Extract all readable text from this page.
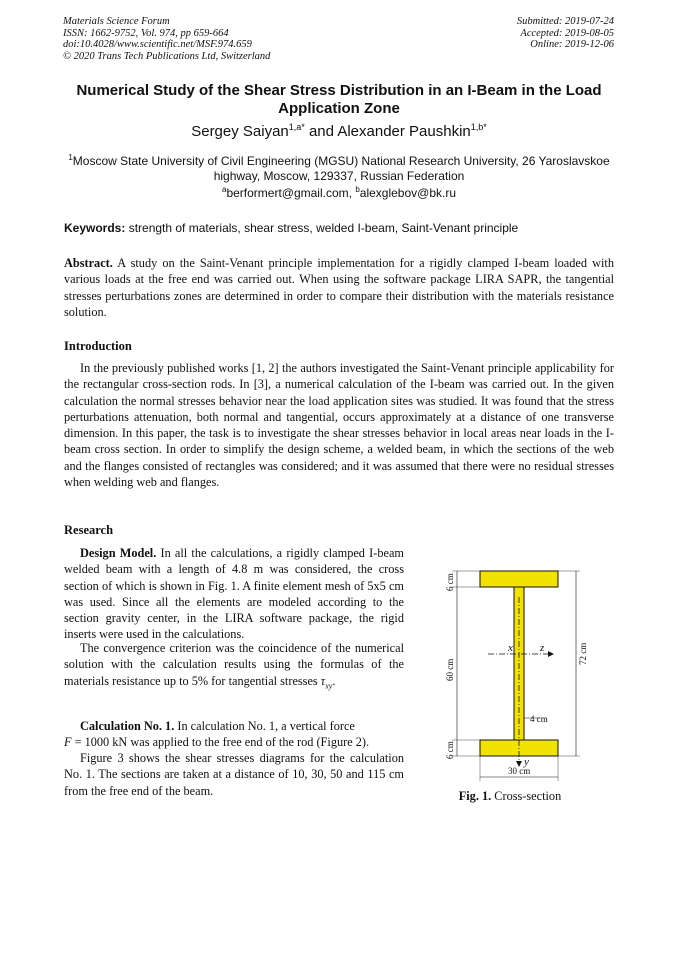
Materials Science Forum
ISSN: 1662-9752, Vol. 974, pp 659-664
doi:10.4028/www.scientific.net/MSF.974.659
© 2020 Trans Tech Publications Ltd, Switzerland
Submitted: 2019-07-24
Accepted: 2019-08-05
Online: 2019-12-06
Numerical Study of the Shear Stress Distribution in an I-Beam in the Load Application Zone
Sergey Saiyan$^{1,a*}$ and Alexander Paushkin$^{1,b*}$
$^1$Moscow State University of Civil Engineering (MGSU) National Research University, 26 Yaroslavskoe highway, Moscow, 129337, Russian Federation
$^a$berformert@gmail.com, $^b$alexglebov@bk.ru
Keywords: strength of materials, shear stress, welded I-beam, Saint-Venant principle

Abstract. A study on the Saint-Venant principle implementation for a rigidly clamped I-beam loaded with various loads at the free end was carried out. When using the software package LIRA SAPR, the tangential stresses perturbations zones are determined in order to compare their distribution with the materials resistance solution.

Introduction

In the previously published works [1, 2] the authors investigated the Saint-Venant principle applicability for the rectangular cross-section rods. In [3], a numerical calculation of the I-beam was carried out. In the given calculation the normal stresses behavior near the load application sites was studied. It was found that the stress perturbations attenuation, both normal and tangential, occurs approximately at a distance of one transverse dimension. In this paper, the task is to investigate the shear stresses behavior in local areas near loads in the I-beam cross section. In order to simplify the design scheme, a welded beam, in which the sections of the web and the flanges consisted of rectangles was considered; and it was assumed that there were no residual stresses when welding web and flanges.

Research

Design Model. In all the calculations, a rigidly clamped I-beam welded beam with a length of 4.8 m was considered, the cross section of which is shown in Fig. 1. A finite element mesh of 5x5 cm was used. Since all the elements are modeled according to the section gravity center, in the LIRA software package, the rigid inserts were used in the calculations.

The convergence criterion was the coincidence of the numerical solution with the calculation results using the formulas of the materials resistance up to 5% for tangential stresses $\tau_{xy}$.

Calculation No. 1. In calculation No. 1, a vertical force
F = 1000 kN was applied to the free end of the rod (Figure 2).

Figure 3 shows the shear stresses diagrams for the calculation No. 1. The sections are taken at a distance of 10, 30, 50 and 115 cm from the free end of the beam.

x z
y
6 cm
60 cm
6 cm
72 cm
4 cm
30 cm
Fig. 1. Cross-section
